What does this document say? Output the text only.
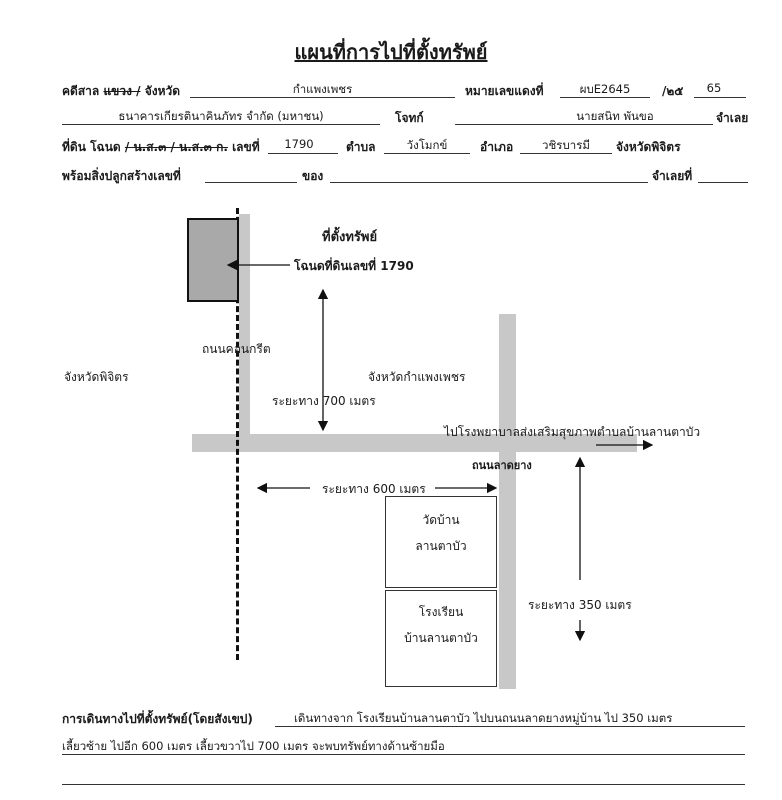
แผนที่การไปที่ตั้งทรัพย์
คดีสาล แขวง / จังหวัด	กำแพงเพชร	หมายเลขแดงที่	ผบE2645	/๒๕	65
ธนาคารเกียรตินาคินภัทร จำกัด (มหาชน)	โจทก์	นายสนิท พันขอ	จำเลย
ที่ดิน โฉนด / น.ส.๓ / น.ส.๓ ก. เลขที่	1790	ตำบล	วังโมกข์	อำเภอ	วชิรบารมี	จังหวัดพิจิตร
พร้อมสิ่งปลูกสร้างเลขที่	ของ	จำเลยที่
ที่ตั้งทรัพย์
โฉนดที่ดินเลขที่ 1790
ถนนคอนกรีต
จังหวัดพิจิตร	จังหวัดกำแพงเพชร
ระยะทาง 700 เมตร
ไปโรงพยาบาลส่งเสริมสุขภาพตำบลบ้านลานตาบัว
ถนนลาดยาง
ระยะทาง 600 เมตร
ระยะทาง 350 เมตร
วัดบ้าน
ลานตาบัว
โรงเรียน
บ้านลานตาบัว
การเดินทางไปที่ตั้งทรัพย์(โดยสังเขป)	เดินทางจาก โรงเรียนบ้านลานตาบัว ไปบนถนนลาดยางหมู่บ้าน ไป 350 เมตร
เลี้ยวซ้าย ไปอีก 600 เมตร เลี้ยวขวาไป 700 เมตร จะพบทรัพย์ทางด้านซ้ายมือ
